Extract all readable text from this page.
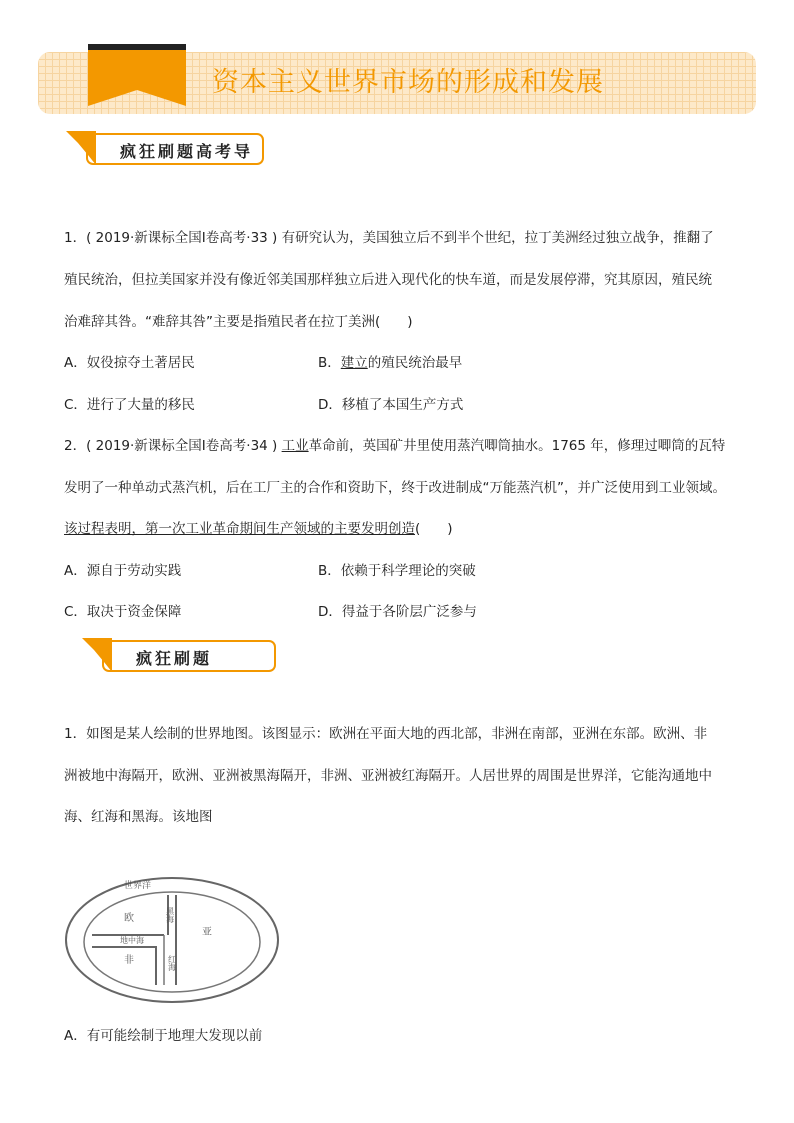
资本主义世界市场的形成和发展
疯狂刷题高考导
1．( 2019·新课标全国Ⅰ卷高考·33 ) 有研究认为，美国独立后不到半个世纪，拉丁美洲经过独立战争，推翻了
殖民统治，但拉美国家并没有像近邻美国那样独立后进入现代化的快车道，而是发展停滞，究其原因，殖民统
治难辞其咎。“难辞其咎”主要是指殖民者在拉丁美洲(　　)
A．奴役掠夺土著居民	B．建立的殖民统治最早
C．进行了大量的移民	D．移植了本国生产方式
2．( 2019·新课标全国Ⅰ卷高考·34 ) 工业革命前，英国矿井里使用蒸汽唧筒抽水。1765 年，修理过唧筒的瓦特
发明了一种单动式蒸汽机，后在工厂主的合作和资助下，终于改进制成“万能蒸汽机”，并广泛使用到工业领域。
该过程表明，第一次工业革命期间生产领域的主要发明创造(　　)
A．源自于劳动实践	B．依赖于科学理论的突破
C．取决于资金保障	D．得益于各阶层广泛参与
疯狂刷题
1．如图是某人绘制的世界地图。该图显示：欧洲在平面大地的西北部，非洲在南部，亚洲在东部。欧洲、非
洲被地中海隔开，欧洲、亚洲被黑海隔开，非洲、亚洲被红海隔开。人居世界的周围是世界洋，它能沟通地中
海、红海和黑海。该地图
世界洋
欧	黑海
亚
地中海
非	红海
A．有可能绘制于地理大发现以前
